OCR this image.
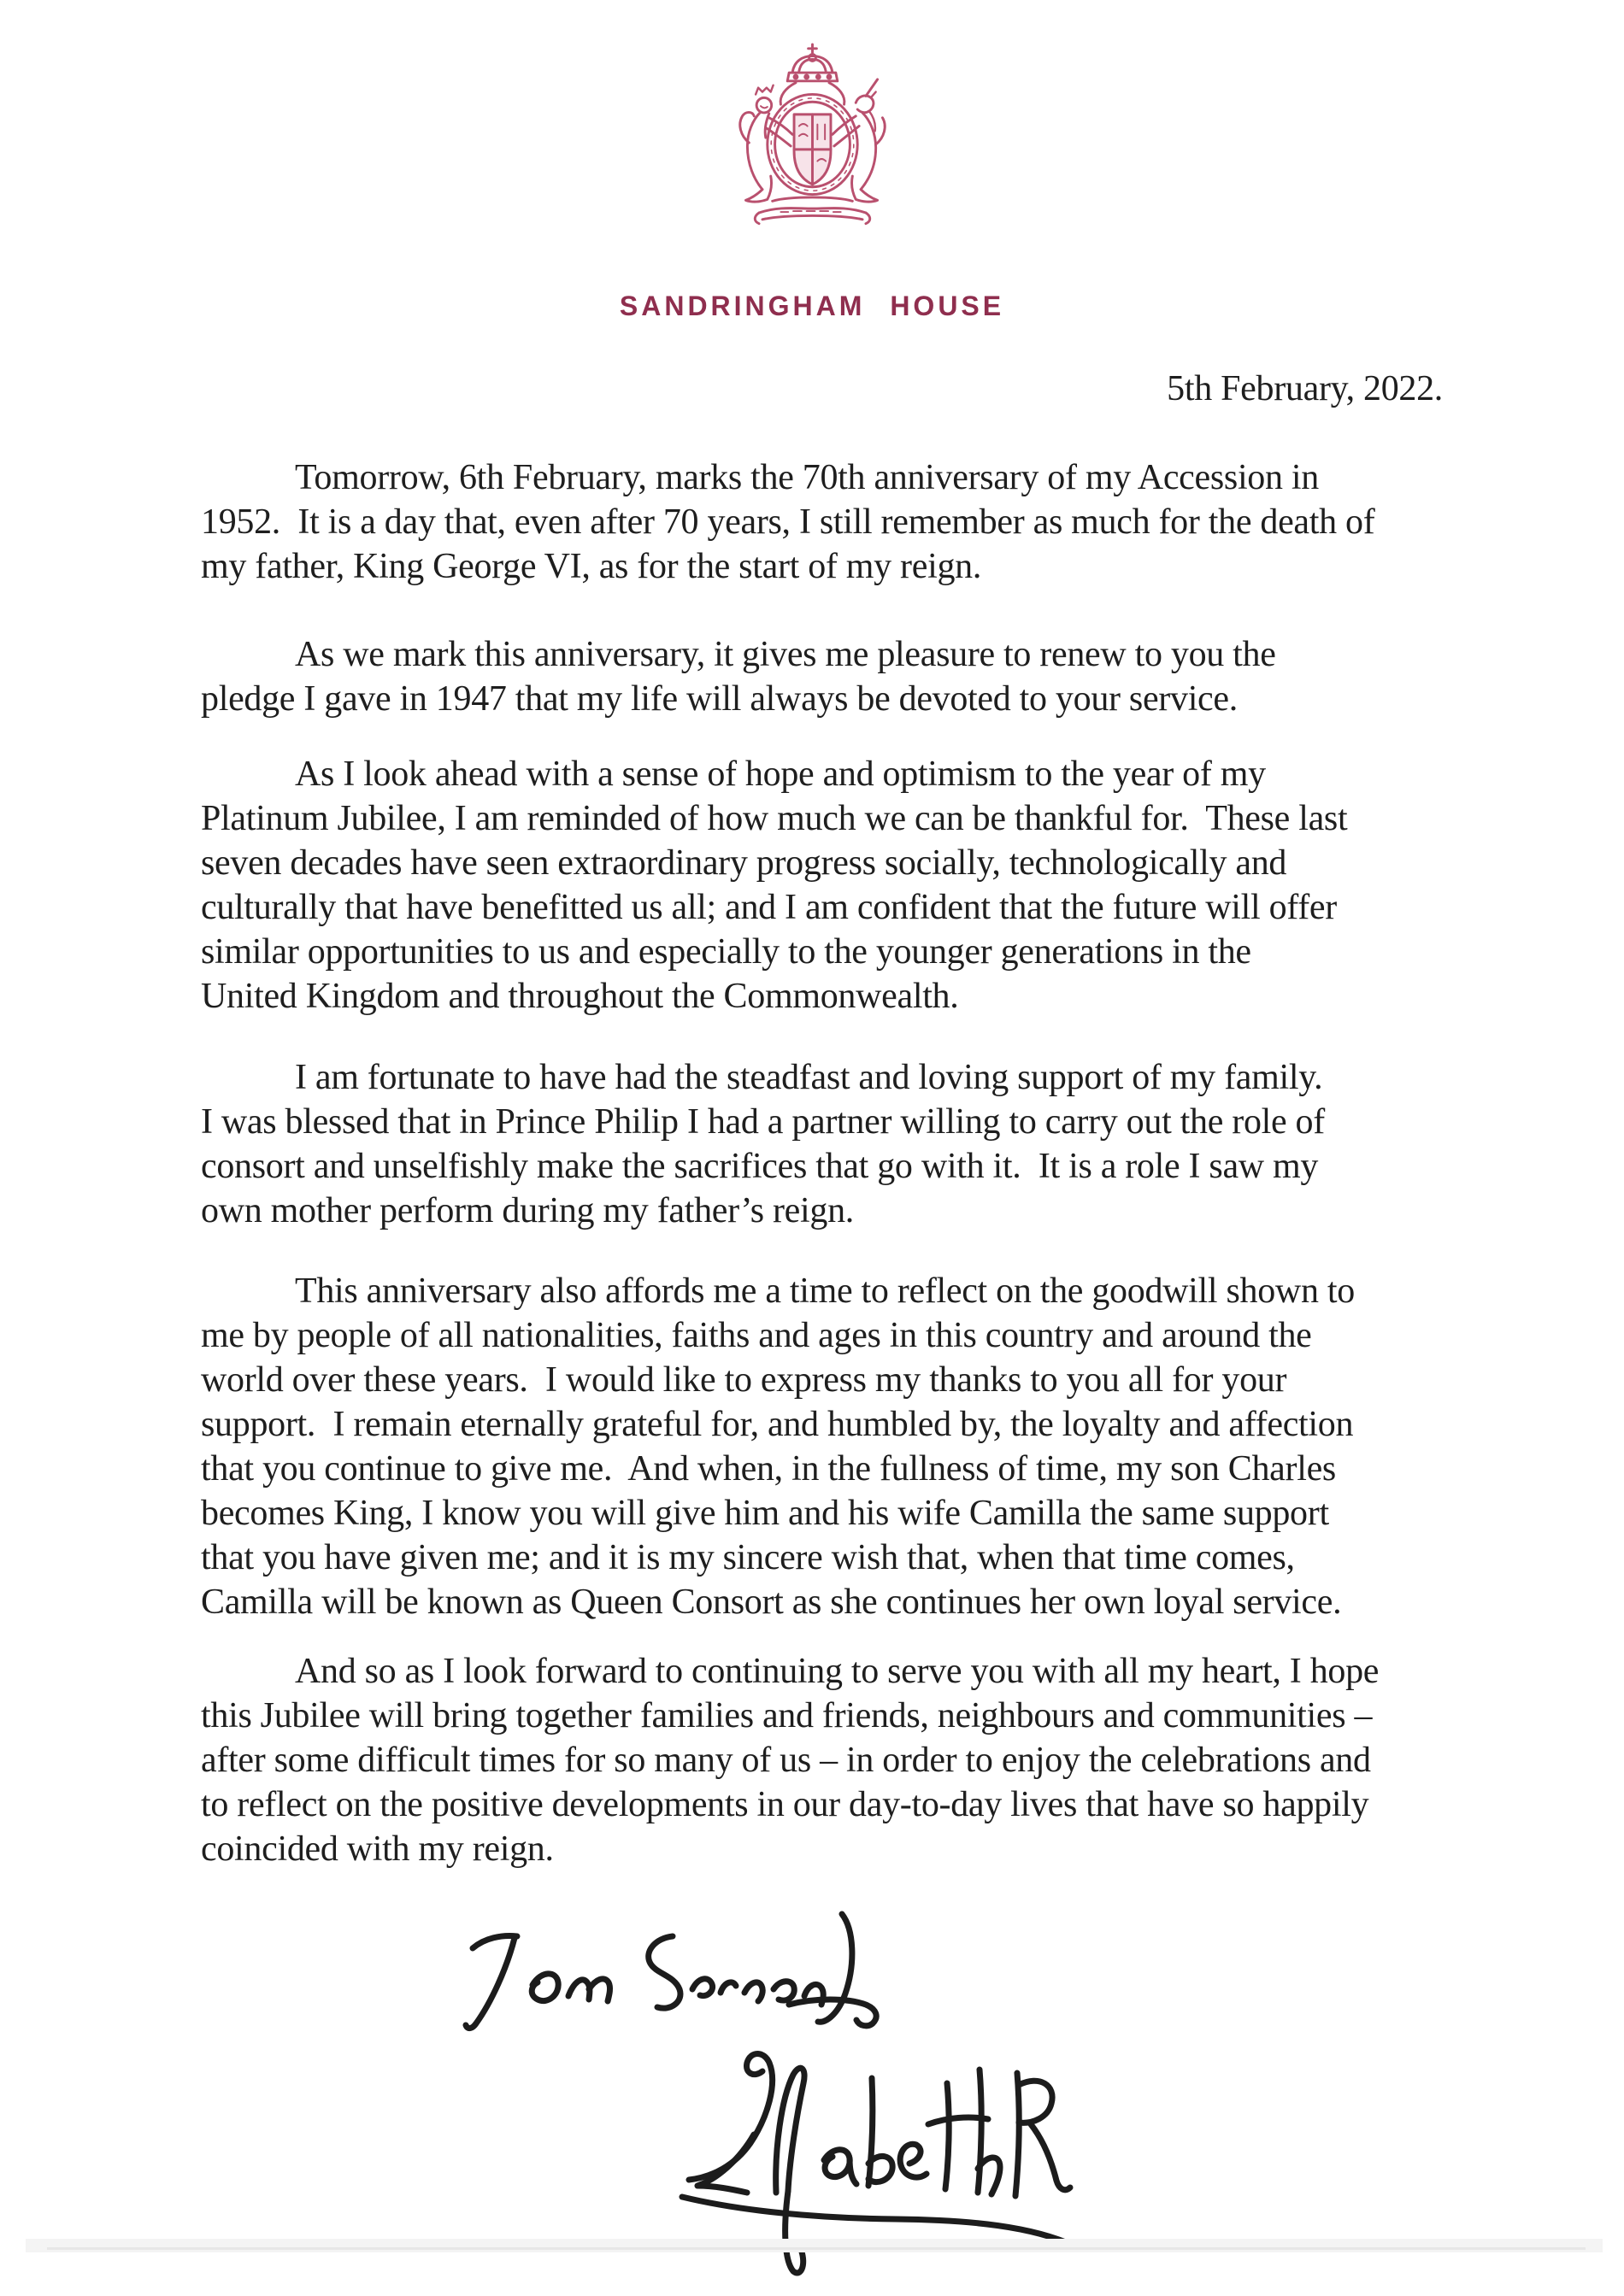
SANDRINGHAM HOUSE
5th February, 2022.
Tomorrow, 6th February, marks the 70th anniversary of my Accession in
1952.  It is a day that, even after 70 years, I still remember as much for the death of
my father, King George VI, as for the start of my reign.
As we mark this anniversary, it gives me pleasure to renew to you the
pledge I gave in 1947 that my life will always be devoted to your service.
As I look ahead with a sense of hope and optimism to the year of my
Platinum Jubilee, I am reminded of how much we can be thankful for.  These last
seven decades have seen extraordinary progress socially, technologically and
culturally that have benefitted us all; and I am confident that the future will offer
similar opportunities to us and especially to the younger generations in the
United Kingdom and throughout the Commonwealth.
I am fortunate to have had the steadfast and loving support of my family.
I was blessed that in Prince Philip I had a partner willing to carry out the role of
consort and unselfishly make the sacrifices that go with it.  It is a role I saw my
own mother perform during my father’s reign.
This anniversary also affords me a time to reflect on the goodwill shown to
me by people of all nationalities, faiths and ages in this country and around the
world over these years.  I would like to express my thanks to you all for your
support.  I remain eternally grateful for, and humbled by, the loyalty and affection
that you continue to give me.  And when, in the fullness of time, my son Charles
becomes King, I know you will give him and his wife Camilla the same support
that you have given me; and it is my sincere wish that, when that time comes,
Camilla will be known as Queen Consort as she continues her own loyal service.
And so as I look forward to continuing to serve you with all my heart, I hope
this Jubilee will bring together families and friends, neighbours and communities –
after some difficult times for so many of us – in order to enjoy the celebrations and
to reflect on the positive developments in our day-to-day lives that have so happily
coincided with my reign.
